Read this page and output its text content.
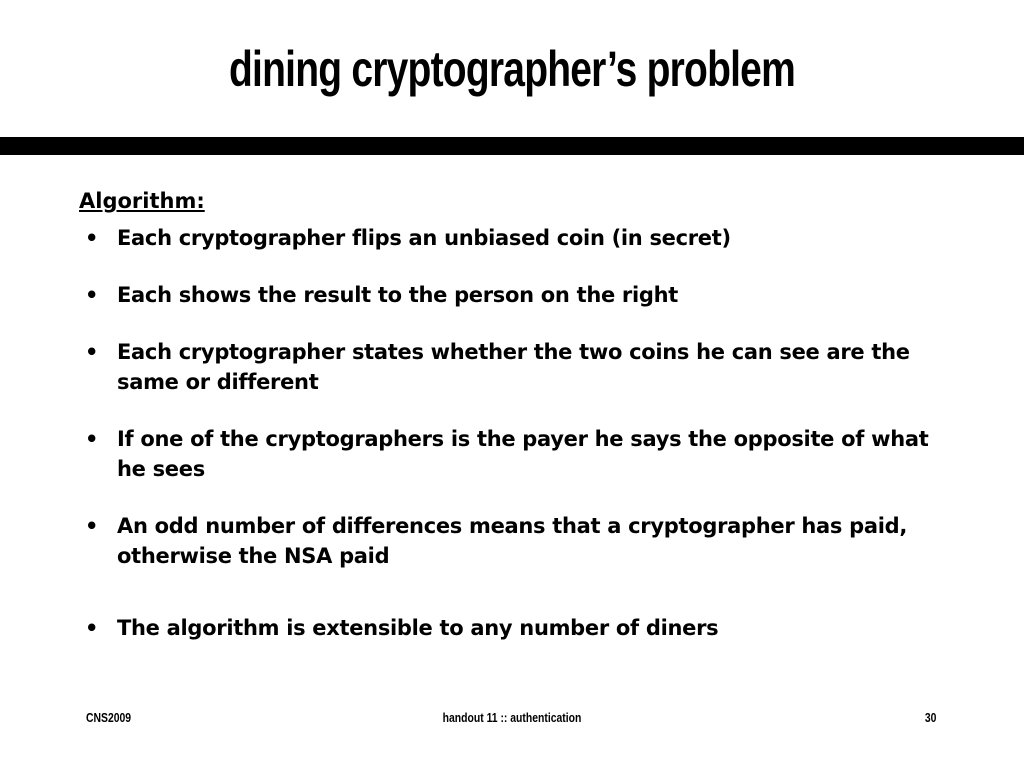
dining cryptographer’s problem

Algorithm:

• Each cryptographer flips an unbiased coin (in secret)
• Each shows the result to the person on the right
• Each cryptographer states whether the two coins he can see are the same or different
• If one of the cryptographers is the payer he says the opposite of what he sees
• An odd number of differences means that a cryptographer has paid, otherwise the NSA paid
• The algorithm is extensible to any number of diners
CNS2009	handout 11 :: authentication	30
